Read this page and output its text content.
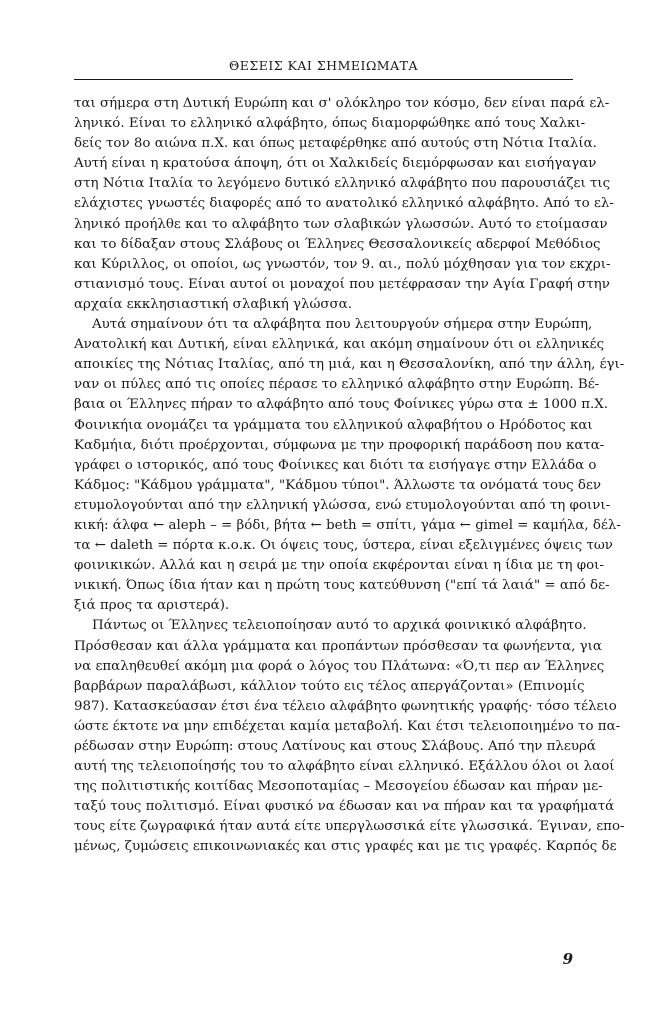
ΘΕΣΕΙΣ ΚΑΙ ΣΗΜΕΙΩΜΑΤΑ
ται σήμερα στη Δυτική Ευρώπη και σ' ολόκληρο τον κόσμο, δεν είναι παρά ελ-
ληνικό. Είναι το ελληνικό αλφάβητο, όπως διαμορφώθηκε από τους Χαλκι-
δείς τον 8ο αιώνα π.Χ. και όπως μεταφέρθηκε από αυτούς στη Νότια Ιταλία.
Αυτή είναι η κρατούσα άποψη, ότι οι Χαλκιδείς διεμόρφωσαν και εισήγαγαν
στη Νότια Ιταλία το λεγόμενο δυτικό ελληνικό αλφάβητο που παρουσιάζει τις
ελάχιστες γνωστές διαφορές από το ανατολικό ελληνικό αλφάβητο. Από το ελ-
ληνικό προήλθε και το αλφάβητο των σλαβικών γλωσσών. Αυτό το ετοίμασαν
και το δίδαξαν στους Σλάβους οι Έλληνες Θεσσαλονικείς αδερφοί Μεθόδιος
και Κύριλλος, οι οποίοι, ως γνωστόν, τον 9. αι., πολύ μόχθησαν για τον εκχρι-
στιανισμό τους. Είναι αυτοί οι μοναχοί που μετέφρασαν την Αγία Γραφή στην
αρχαία εκκλησιαστική σλαβική γλώσσα.
Αυτά σημαίνουν ότι τα αλφάβητα που λειτουργούν σήμερα στην Ευρώπη,
Ανατολική και Δυτική, είναι ελληνικά, και ακόμη σημαίνουν ότι οι ελληνικές
αποικίες της Νότιας Ιταλίας, από τη μιά, και η Θεσσαλονίκη, από την άλλη, έγι-
ναν οι πύλες από τις οποίες πέρασε το ελληνικό αλφάβητο στην Ευρώπη. Βέ-
βαια οι Έλληνες πήραν το αλφάβητο από τους Φοίνικες γύρω στα ± 1000 π.Χ.
Φοινικήια ονομάζει τα γράμματα του ελληνικού αλφαβήτου ο Ηρόδοτος και
Καδμήια, διότι προέρχονται, σύμφωνα με την προφορική παράδοση που κατα-
γράφει ο ιστορικός, από τους Φοίνικες και διότι τα εισήγαγε στην Ελλάδα ο
Κάδμος: "Κάδμου γράμματα", "Κάδμου τύποι". Άλλωστε τα ονόματά τους δεν
ετυμολογούνται από την ελληνική γλώσσα, ενώ ετυμολογούνται από τη φοινι-
κική: άλφα ← aleph – = βόδι, βήτα ← beth = σπίτι, γάμα ← gimel = καμήλα, δέλ-
τα ← daleth = πόρτα κ.ο.κ. Οι όψεις τους, ύστερα, είναι εξελιγμένες όψεις των
φοινικικών. Αλλά και η σειρά με την οποία εκφέρονται είναι η ίδια με τη φοι-
νικική. Όπως ίδια ήταν και η πρώτη τους κατεύθυνση ("επί τά λαιά" = από δε-
ξιά προς τα αριστερά).
Πάντως οι Έλληνες τελειοποίησαν αυτό το αρχικά φοινικικό αλφάβητο.
Πρόσθεσαν και άλλα γράμματα και προπάντων πρόσθεσαν τα φωνήεντα, για
να επαληθευθεί ακόμη μια φορά ο λόγος του Πλάτωνα: «Ό,τι περ αν Έλληνες
βαρβάρων παραλάβωσι, κάλλιον τούτο εις τέλος απεργάζονται» (Επινομίς
987). Κατασκεύασαν έτσι ένα τέλειο αλφάβητο φωνητικής γραφής· τόσο τέλειο
ώστε έκτοτε να μην επιδέχεται καμία μεταβολή. Και έτσι τελειοποιημένο το πα-
ρέδωσαν στην Ευρώπη: στους Λατίνους και στους Σλάβους. Από την πλευρά
αυτή της τελειοποίησής του το αλφάβητο είναι ελληνικό. Εξάλλου όλοι οι λαοί
της πολιτιστικής κοιτίδας Μεσοποταμίας – Μεσογείου έδωσαν και πήραν με-
ταξύ τους πολιτισμό. Είναι φυσικό να έδωσαν και να πήραν και τα γραφήματά
τους είτε ζωγραφικά ήταν αυτά είτε υπεργλωσσικά είτε γλωσσικά. Έγιναν, επο-
μένως, ζυμώσεις επικοινωνιακές και στις γραφές και με τις γραφές. Καρπός δε
9
